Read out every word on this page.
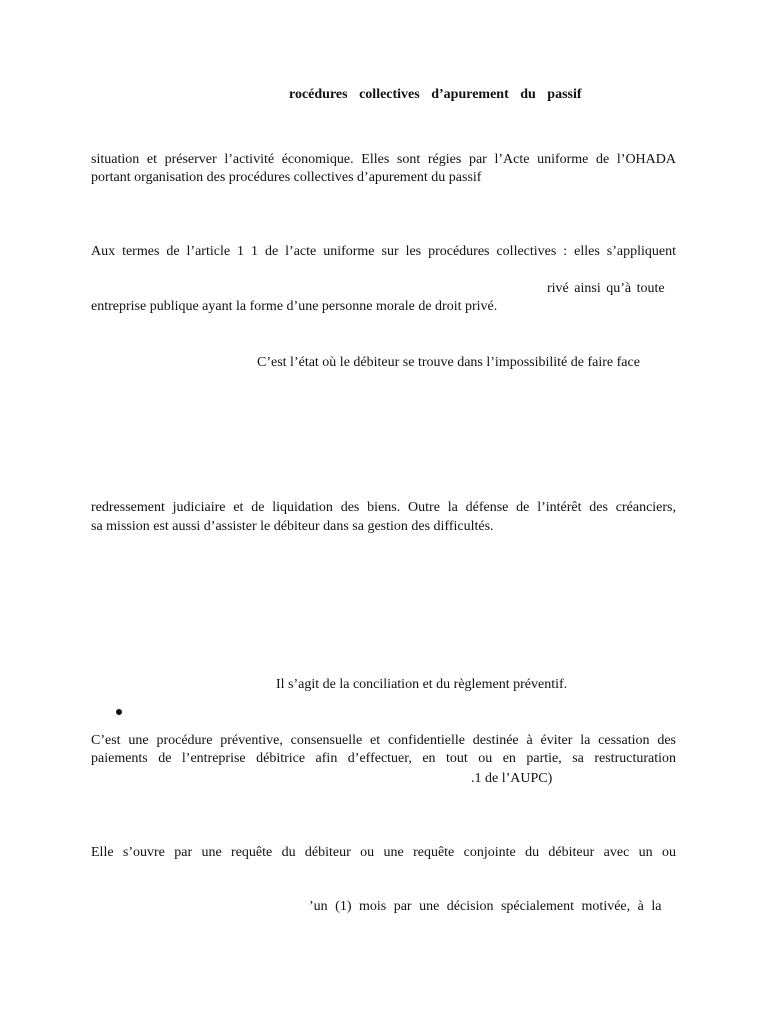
rocédures collectives d’apurement du passif
situation et préserver l’activité économique. Elles sont régies par l’Acte uniforme de l’OHADA
portant organisation des procédures collectives d’apurement du passif
Aux termes de l’article 1 1 de l’acte uniforme sur les procédures collectives : elles s’appliquent
rivé ainsi qu’à toute
entreprise publique ayant la forme d’une personne morale de droit privé.
C’est l’état où le débiteur se trouve dans l’impossibilité de faire face
redressement judiciaire et de liquidation des biens. Outre la défense de l’intérêt des créanciers,
sa mission est aussi d’assister le débiteur dans sa gestion des difficultés.
Il s’agit de la conciliation et du règlement préventif.
C’est une procédure préventive, consensuelle et confidentielle destinée à éviter la cessation des
paiements de l’entreprise débitrice afin d’effectuer, en tout ou en partie, sa restructuration
.1 de l’AUPC)
Elle s’ouvre par une requête du débiteur ou une requête conjointe du débiteur avec un ou
’un (1) mois par une décision spécialement motivée, à la
